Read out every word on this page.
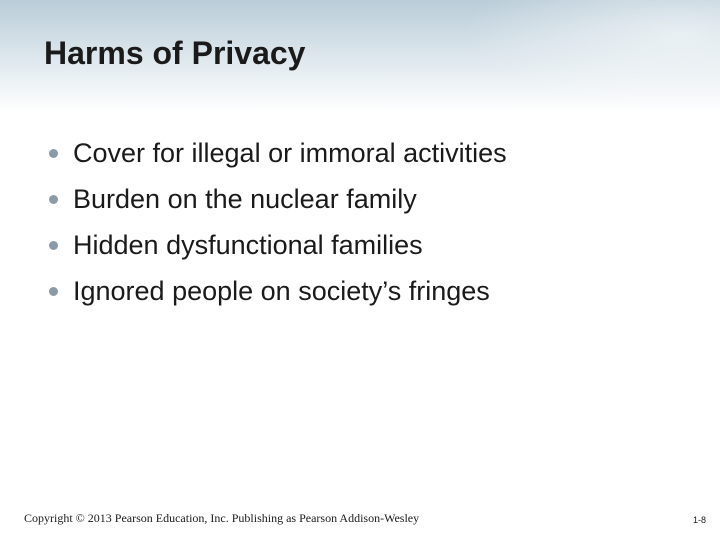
Harms of Privacy
Cover for illegal or immoral activities
Burden on the nuclear family
Hidden dysfunctional families
Ignored people on society’s fringes
Copyright © 2013 Pearson Education, Inc. Publishing as Pearson Addison-Wesley	1-8
